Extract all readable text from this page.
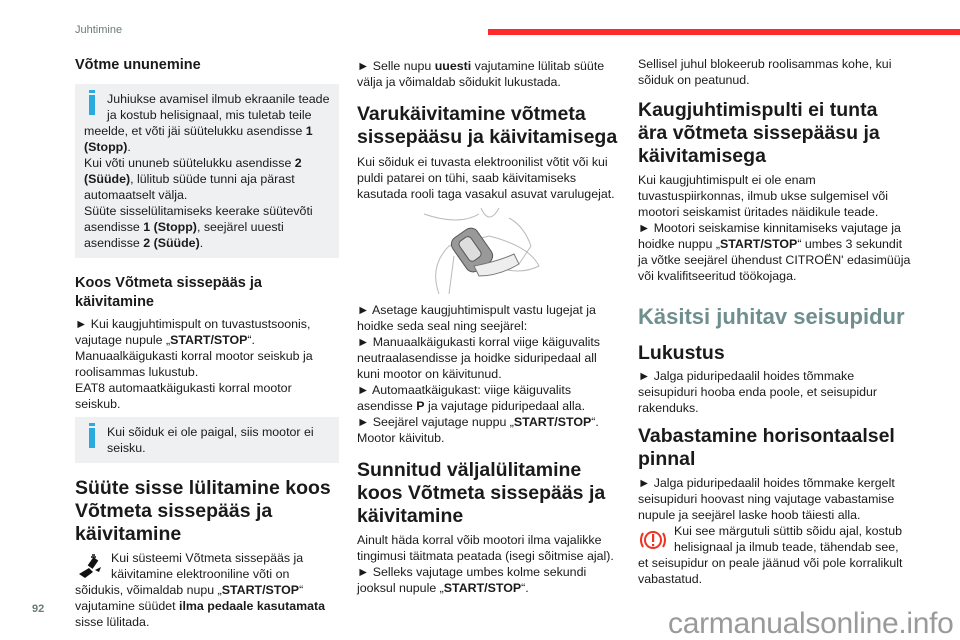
Juhtimine
92	carmanualsonline.info
Võtme ununemine

Juhiukse avamisel ilmub ekraanile teade ja kostub helisignaal, mis tuletab teile meelde, et võti jäi süütelukku asendisse 1 (Stopp).
Kui võti ununeb süütelukku asendisse 2 (Süüde), lülitub süüde tunni aja pärast automaatselt välja.
Süüte sisselülitamiseks keerake süütevõti asendisse 1 (Stopp), seejärel uuesti asendisse 2 (Süüde).

Koos Võtmeta sissepääs ja käivitamine

► Kui kaugjuhtimispult on tuvastustsoonis, vajutage nupule „START/STOP“.
Manuaalkäigukasti korral mootor seiskub ja roolisammas lukustub.
EAT8 automaatkäigukasti korral mootor seiskub.

Kui sõiduk ei ole paigal, siis mootor ei seisku.

Süüte sisse lülitamine koos Võtmeta sissepääs ja käivitamine

Kui süsteemi Võtmeta sissepääs ja käivitamine elektrooniline võti on sõidukis, võimaldab nupu „START/STOP“ vajutamine süüdet ilma pedaale kasutamata sisse lülitada.

► Selle nupu uuesti vajutamine lülitab süüte välja ja võimaldab sõidukit lukustada.

Varukäivitamine võtmeta sissepääsu ja käivitamisega

Kui sõiduk ei tuvasta elektroonilist võtit või kui puldi patarei on tühi, saab käivitamiseks kasutada rooli taga vasakul asuvat varulugejat.

► Asetage kaugjuhtimispult vastu lugejat ja hoidke seda seal ning seejärel:
► Manuaalkäigukasti korral viige käiguvalits neutraalasendisse ja hoidke siduripedaal all kuni mootor on käivitunud.
► Automaatkäigukast: viige käiguvalits asendisse P ja vajutage piduripedaal alla.
► Seejärel vajutage nuppu „START/STOP“.
Mootor käivitub.

Sunnitud väljalülitamine koos Võtmeta sissepääs ja käivitamine

Ainult häda korral võib mootori ilma vajalikke tingimusi täitmata peatada (isegi sõitmise ajal).
► Selleks vajutage umbes kolme sekundi jooksul nupule „START/STOP“.

Sellisel juhul blokeerub roolisammas kohe, kui sõiduk on peatunud.

Kaugjuhtimispulti ei tunta ära võtmeta sissepääsu ja käivitamisega

Kui kaugjuhtimispult ei ole enam tuvastuspiirkonnas, ilmub ukse sulgemisel või mootori seiskamist üritades näidikule teade.
► Mootori seiskamise kinnitamiseks vajutage ja hoidke nuppu „START/STOP“ umbes 3 sekundit ja võtke seejärel ühendust CITROËN' edasimüüja või kvalifitseeritud töökojaga.

Käsitsi juhitav seisupidur
Lukustus

► Jalga piduripedaalil hoides tõmmake seisupiduri hooba enda poole, et seisupidur rakenduks.

Vabastamine horisontaalsel pinnal

► Jalga piduripedaalil hoides tõmmake kergelt seisupiduri hoovast ning vajutage vabastamise nupule ja seejärel laske hoob täiesti alla.

Kui see märgutuli süttib sõidu ajal, kostub helisignaal ja ilmub teade, tähendab see, et seisupidur on peale jäänud või pole korralikult vabastatud.
